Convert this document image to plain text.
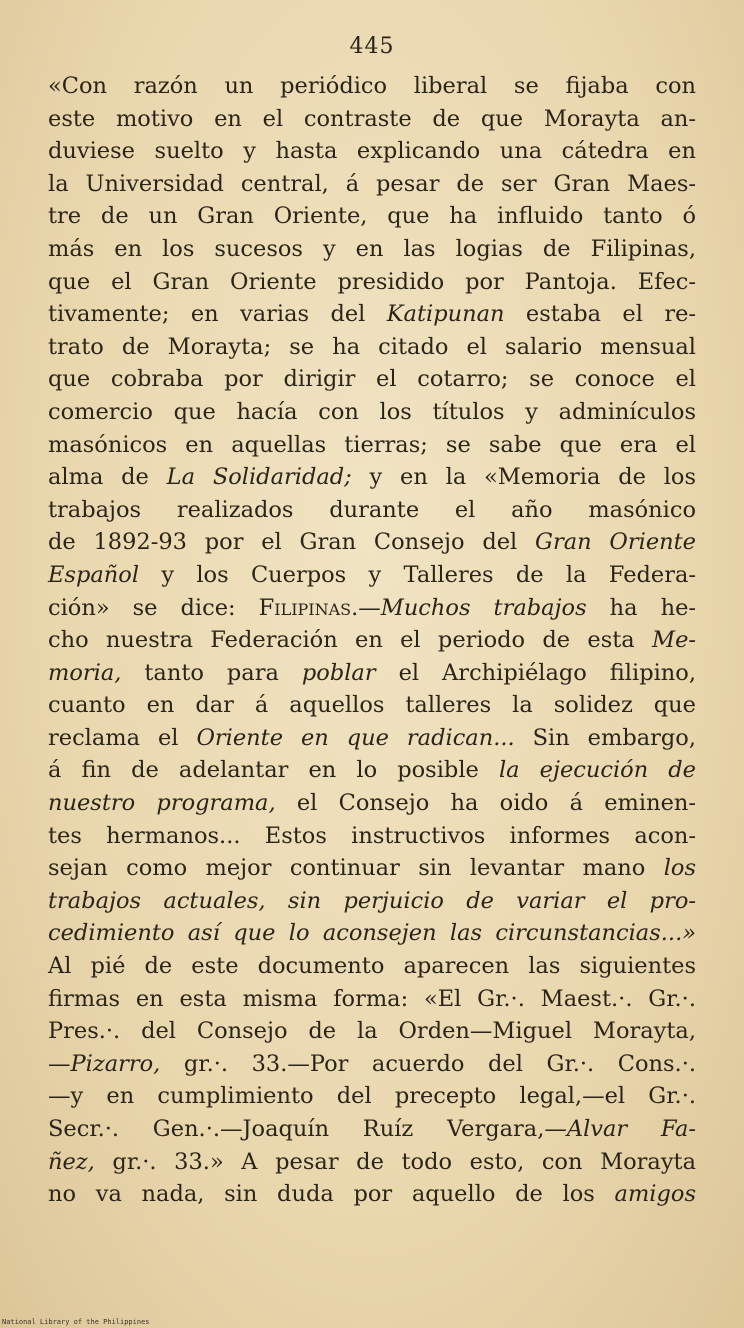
445
«Con razón un periódico liberal se fijaba con
este motivo en el contraste de que Morayta an-
duviese suelto y hasta explicando una cátedra en
la Universidad central, á pesar de ser Gran Maes-
tre de un Gran Oriente, que ha influido tanto ó
más en los sucesos y en las logias de Filipinas,
que el Gran Oriente presidido por Pantoja. Efec-
tivamente; en varias del Katipunan estaba el re-
trato de Morayta; se ha citado el salario mensual
que cobraba por dirigir el cotarro; se conoce el
comercio que hacía con los títulos y adminículos
masónicos en aquellas tierras; se sabe que era el
alma de La Solidaridad; y en la «Memoria de los
trabajos realizados durante el año masónico
de 1892-93 por el Gran Consejo del Gran Oriente
Español y los Cuerpos y Talleres de la Federa-
ción» se dice: Filipinas.—Muchos trabajos ha he-
cho nuestra Federación en el periodo de esta Me-
moria, tanto para poblar el Archipiélago filipino,
cuanto en dar á aquellos talleres la solidez que
reclama el Oriente en que radican... Sin embargo,
á fin de adelantar en lo posible la ejecución de
nuestro programa, el Consejo ha oido á eminen-
tes hermanos... Estos instructivos informes acon-
sejan como mejor continuar sin levantar mano los
trabajos actuales, sin perjuicio de variar el pro-
cedimiento así que lo aconsejen las circunstancias...»
Al pié de este documento aparecen las siguientes
firmas en esta misma forma: «El Gr.·. Maest.·. Gr.·.
Pres.·. del Consejo de la Orden—Miguel Morayta,
—Pizarro, gr.·. 33.—Por acuerdo del Gr.·. Cons.·.
—y en cumplimiento del precepto legal,—el Gr.·.
Secr.·. Gen.·.—Joaquín Ruíz Vergara,—Alvar Fa-
ñez, gr.·. 33.» A pesar de todo esto, con Morayta
no va nada, sin duda por aquello de los amigos
National Library of the Philippines
